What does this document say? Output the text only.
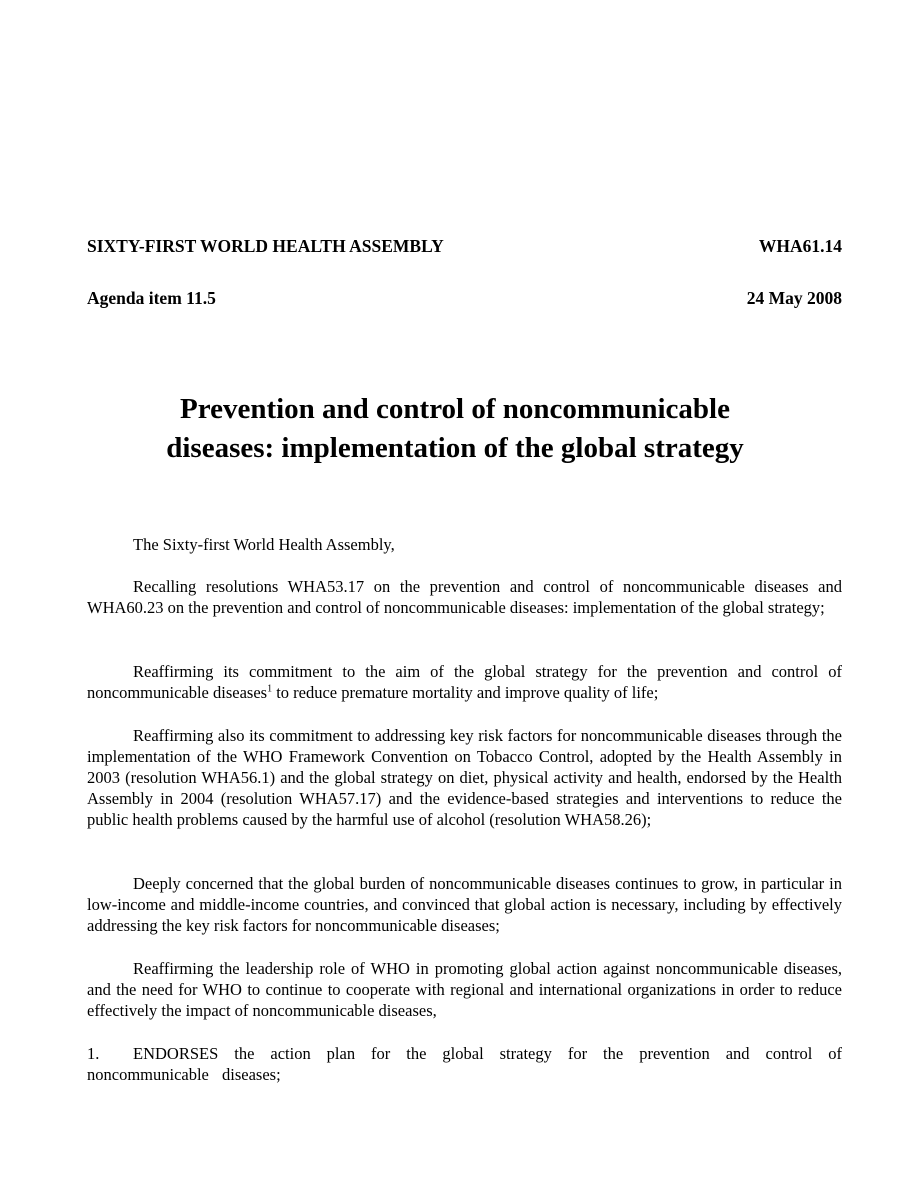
SIXTY-FIRST WORLD HEALTH ASSEMBLY	WHA61.14
Agenda item 11.5	24 May 2008
Prevention and control of noncommunicable
diseases: implementation of the global strategy

The Sixty-first World Health Assembly,

Recalling resolutions WHA53.17 on the prevention and control of noncommunicable diseases and WHA60.23 on the prevention and control of noncommunicable diseases: implementation of the global strategy;

Reaffirming its commitment to the aim of the global strategy for the prevention and control of noncommunicable diseases$^1$ to reduce premature mortality and improve quality of life;

Reaffirming also its commitment to addressing key risk factors for noncommunicable diseases through the implementation of the WHO Framework Convention on Tobacco Control, adopted by the Health Assembly in 2003 (resolution WHA56.1) and the global strategy on diet, physical activity and health, endorsed by the Health Assembly in 2004 (resolution WHA57.17) and the evidence-based strategies and interventions to reduce the public health problems caused by the harmful use of alcohol (resolution WHA58.26);

Deeply concerned that the global burden of noncommunicable diseases continues to grow, in particular in low-income and middle-income countries, and convinced that global action is necessary, including by effectively addressing the key risk factors for noncommunicable diseases;

Reaffirming the leadership role of WHO in promoting global action against noncommunicable diseases, and the need for WHO to continue to cooperate with regional and international organizations in order to reduce effectively the impact of noncommunicable diseases,

1. ENDORSES the action plan for the global strategy for the prevention and control of noncommunicable diseases;
